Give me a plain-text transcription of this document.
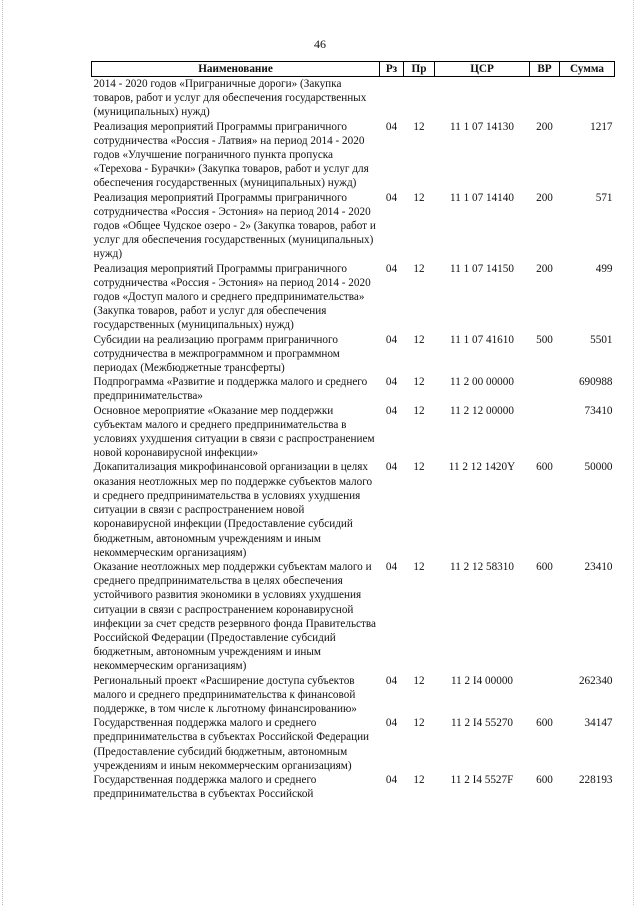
46
Наименование	Рз	Пр	ЦСР	ВР	Сумма
2014 - 2020 годов «Приграничные дороги» (Закупка товаров, работ и услуг для обеспечения государственных (муниципальных) нужд)					
Реализация мероприятий Программы приграничного сотрудничества «Россия - Латвия» на период 2014 - 2020 годов «Улучшение пограничного пункта пропуска «Терехова - Бурачки» (Закупка товаров, работ и услуг для обеспечения государственных (муниципальных) нужд)	04	12	11 1 07 14130	200	1217
Реализация мероприятий Программы приграничного сотрудничества «Россия - Эстония» на период 2014 - 2020 годов «Общее Чудское озеро - 2» (Закупка товаров, работ и услуг для обеспечения государственных (муниципальных) нужд)	04	12	11 1 07 14140	200	571
Реализация мероприятий Программы приграничного сотрудничества «Россия - Эстония» на период 2014 - 2020 годов «Доступ малого и среднего предпринимательства» (Закупка товаров, работ и услуг для обеспечения государственных (муниципальных) нужд)	04	12	11 1 07 14150	200	499
Субсидии на реализацию программ приграничного сотрудничества в межпрограммном и программном периодах (Межбюджетные трансферты)	04	12	11 1 07 41610	500	5501
Подпрограмма «Развитие и поддержка малого и среднего предпринимательства»	04	12	11 2 00 00000		690988
Основное мероприятие «Оказание мер поддержки субъектам малого и среднего предпринимательства в условиях ухудшения ситуации в связи с распространением новой коронавирусной инфекции»	04	12	11 2 12 00000		73410
Докапитализация микрофинансовой организации в целях оказания неотложных мер по поддержке субъектов малого и среднего предпринимательства в условиях ухудшения ситуации в связи с распространением новой коронавирусной инфекции (Предоставление субсидий бюджетным, автономным учреждениям и иным некоммерческим организациям)	04	12	11 2 12 1420Y	600	50000
Оказание неотложных мер поддержки субъектам малого и среднего предпринимательства в целях обеспечения устойчивого развития экономики в условиях ухудшения ситуации в связи с распространением коронавирусной инфекции за счет средств резервного фонда Правительства Российской Федерации (Предоставление субсидий бюджетным, автономным учреждениям и иным некоммерческим организациям)	04	12	11 2 12 58310	600	23410
Региональный проект «Расширение доступа субъектов малого и среднего предпринимательства к финансовой поддержке, в том числе к льготному финансированию»	04	12	11 2 I4 00000		262340
Государственная поддержка малого и среднего предпринимательства в субъектах Российской Федерации (Предоставление субсидий бюджетным, автономным учреждениям и иным некоммерческим организациям)	04	12	11 2 I4 55270	600	34147
Государственная поддержка малого и среднего предпринимательства в субъектах Российской	04	12	11 2 I4 5527F	600	228193
